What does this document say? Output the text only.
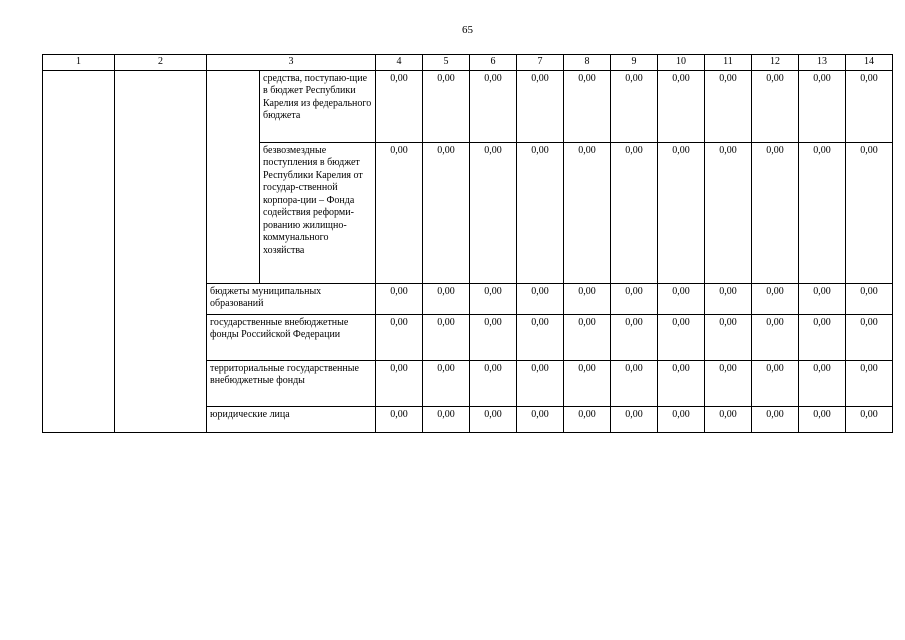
65
1	2	3		4	5	6	7	8	9	10	11	12	13	14
			средства, поступаю-щие в бюджет Республики Карелия из федерального бюджета	0,00	0,00	0,00	0,00	0,00	0,00	0,00	0,00	0,00	0,00	0,00
			безвозмездные поступления в бюджет Республики Карелия от государ-ственной корпора-ции – Фонда содействия реформи-рованию жилищно-коммунального хозяйства	0,00	0,00	0,00	0,00	0,00	0,00	0,00	0,00	0,00	0,00	0,00
		бюджеты муниципальных образований		0,00	0,00	0,00	0,00	0,00	0,00	0,00	0,00	0,00	0,00	0,00
		государственные внебюджетные фонды Российской Федерации		0,00	0,00	0,00	0,00	0,00	0,00	0,00	0,00	0,00	0,00	0,00
		территориальные государственные внебюджетные фонды		0,00	0,00	0,00	0,00	0,00	0,00	0,00	0,00	0,00	0,00	0,00
		юридические лица		0,00	0,00	0,00	0,00	0,00	0,00	0,00	0,00	0,00	0,00	0,00
